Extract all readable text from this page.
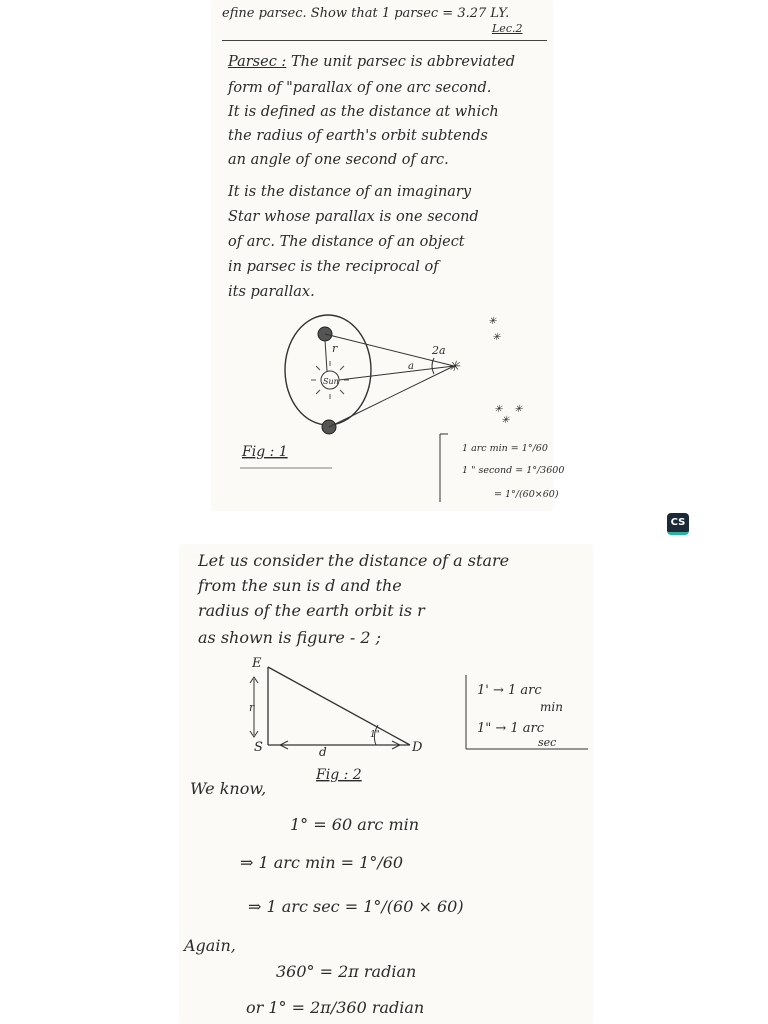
efine parsec. Show that 1 parsec = 3.27 LY.
Lec.2
Parsec : The unit parsec is abbreviated
form of "parallax of one arc second.
It is defined as the distance at which
the radius of earth's orbit subtends
an angle of one second of arc.
It is the distance of an imaginary
Star whose parallax is one second
of arc. The distance of an object
in parsec is the reciprocal of
its parallax.
Sun
r
a
2a
✳
✳
✳
✳ ✳
✳
Fig : 1	1 arc min = 1°/60
1 " second = 1°/3600
= 1°/(60×60)
CS
Let us consider the distance of a stare
from the sun is d and the
radius of the earth orbit is r
as shown is figure - 2 ;
E
S	D
r
d
1"
Fig : 2
1' → 1 arc
min
1" → 1 arc
sec
We know,
1° = 60 arc min
⇒ 1 arc min = 1°/60
⇒ 1 arc sec = 1°/(60 × 60)
Again,
360° = 2π radian
or 1° = 2π/360 radian
